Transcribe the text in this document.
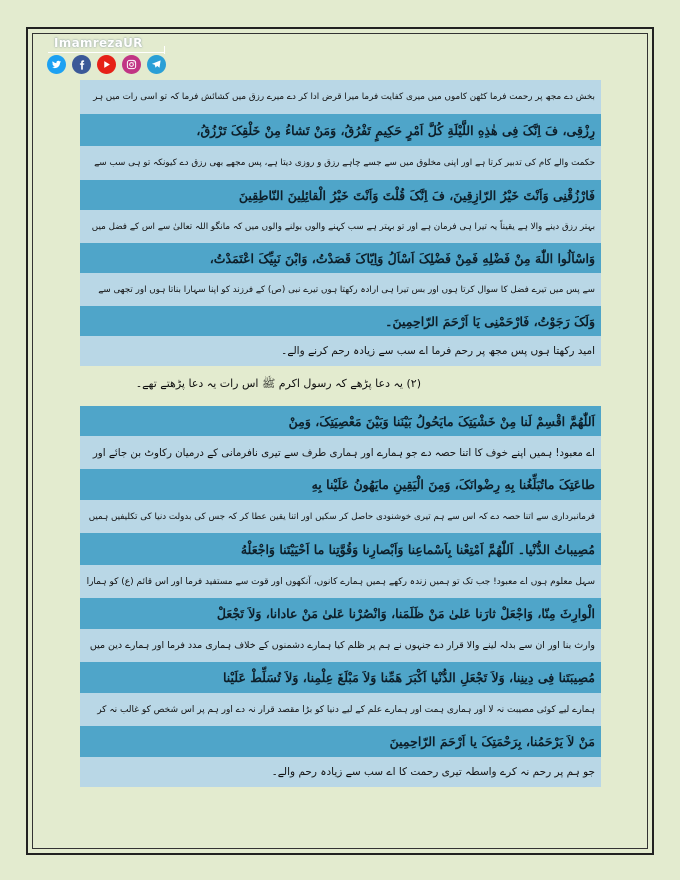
ImamrezaUR
بخش دے مجھ پر رحمت فرما کٹھن کاموں میں میری کفایت فرما میرا قرض ادا کر دے میرے رزق میں کشائش فرما کہ تو اسی رات میں ہر
رِزْقِی، فَ اِنَّکَ فِی هٰذِهِ اللَّیْلَةِ کُلَّ اَمْرٍ حَکِیمٍ تَفْرُقُ، وَمَنْ تَشاءُ مِنْ خَلْقِکَ تَرْزُقُ،
حکمت والے کام کی تدبیر کرتا ہے اور اپنی مخلوق میں سے جسے چاہے رزق و روزی دیتا ہے، پس مجھے بھی رزق دے کیونکہ تو ہی سب سے
فَارْزُقْنِی وَاَنْتَ خَیْرُ الرّازِقِینَ، فَ اِنَّکَ قُلْتَ وَاَنْتَ خَیْرُ الْقائِلِینَ النّاطِقِینَ
بہتر رزق دینے والا ہے یقیناً یہ تیرا ہی فرمان ہے اور تو بہتر ہے سب کہنے والوں بولنے والوں میں کہ مانگو اللہ تعالیٰ سے اس کے فضل میں
وَاسْاَلُوا اللّٰهَ مِنْ فَضْلِهِ فَمِنْ فَضْلِکَ اَسْاَلُ وَاِیّاکَ قَصَدْتُ، وَابْنَ نَبِیِّکَ اعْتَمَدْتُ،
سے پس میں تیرے فضل کا سوال کرتا ہوں اور بس تیرا ہی ارادہ رکھتا ہوں تیرے نبی (ص) کے فرزند کو اپنا سہارا بناتا ہوں اور تجھی سے
وَلَکَ رَجَوْتُ، فَارْحَمْنِی یَا اَرْحَمَ الرّاحِمِینَ۔
امید رکھتا ہوں پس مجھ پر رحم فرما اے سب سے زیادہ رحم کرنے والے۔
(۲) یہ دعا پڑھے کہ رسول اکرم ﷺ اس رات یہ دعا پڑھتے تھے۔
اَللّٰهُمَّ اقْسِمْ لَنا مِنْ خَشْیَتِکَ مایَحُولُ بَیْنَنا وَبَیْنَ مَعْصِیَتِکَ، وَمِنْ
اے معبود! ہمیں اپنے خوف کا اتنا حصہ دے جو ہمارے اور ہماری طرف سے تیری نافرمانی کے درمیان رکاوٹ بن جائے اور
طاعَتِکَ ماتُبَلِّغُنا بِهِ رِضْوانَکَ، وَمِنَ الْیَقِینِ مایَهُونُ عَلَیْنا بِهِ
فرمانبرداری سے اتنا حصہ دے کہ اس سے ہم تیری خوشنودی حاصل کر سکیں اور اتنا یقین عطا کر کہ جس کی بدولت دنیا کی تکلیفیں ہمیں
مُصِیباتُ الدُّنْیا۔ اَللّٰهُمَّ اَمْتِعْنا بِاَسْماعِنا وَاَبْصارِنا وَقُوَّتِنا ما اَحْیَیْتَنا وَاجْعَلْهُ
سہل معلوم ہوں اے معبود! جب تک تو ہمیں زندہ رکھے ہمیں ہمارے کانوں، آنکھوں اور قوت سے مستفید فرما اور اس قائم (ع) کو ہمارا
الْوارِثَ مِنّا، وَاجْعَلْ ثارَنا عَلیٰ مَنْ ظَلَمَنا، وَانْصُرْنا عَلیٰ مَنْ عادانا، وَلاَ تَجْعَلْ
وارث بنا اور ان سے بدلہ لینے والا قرار دے جنہوں نے ہم پر ظلم کیا ہمارے دشمنوں کے خلاف ہماری مدد فرما اور ہمارے دین میں
مُصِیبَتَنا فِی دِینِنا، وَلاَ تَجْعَلِ الدُّنْیا اَکْبَرَ هَمِّنا وَلاَ مَبْلَغَ عِلْمِنا، وَلاَ تُسَلِّطْ عَلَیْنا
ہمارے لیے کوئی مصیبت نہ لا اور ہماری ہمت اور ہمارے علم کے لیے دنیا کو بڑا مقصد قرار نہ دے اور ہم پر اس شخص کو غالب نہ کر
مَنْ لاَ یَرْحَمُنا، بِرَحْمَتِکَ یا اَرْحَمَ الرّاحِمِینَ
جو ہم پر رحم نہ کرے واسطہ تیری رحمت کا اے سب سے زیادہ رحم والے۔
